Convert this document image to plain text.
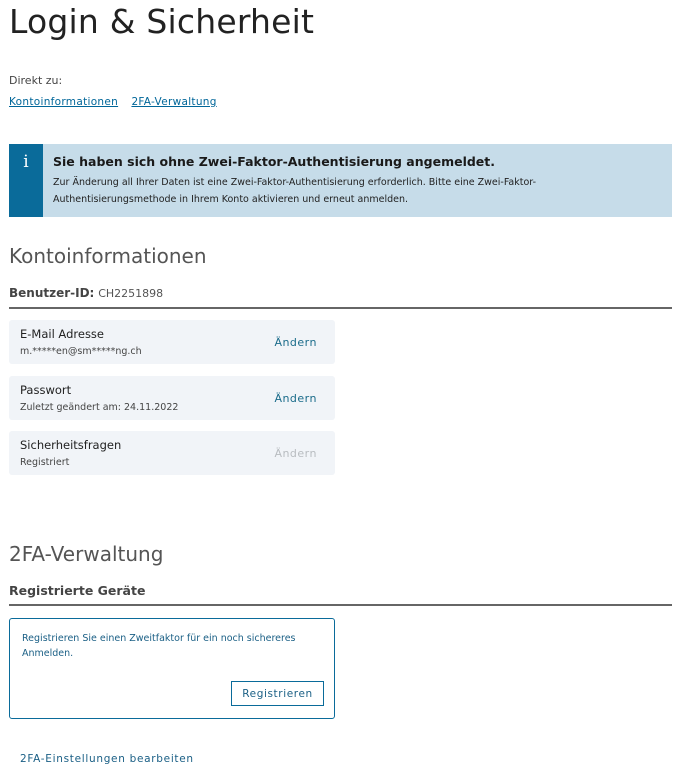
Login & Sicherheit
Direkt zu:
Kontoinformationen 2FA-Verwaltung
i	Sie haben sich ohne Zwei-Faktor-Authentisierung angemeldet.
Zur Änderung all Ihrer Daten ist eine Zwei-Faktor-Authentisierung erforderlich. Bitte eine Zwei-Faktor-Authentisierungsmethode in Ihrem Konto aktivieren und erneut anmelden.
Kontoinformationen
Benutzer-ID: CH2251898
E-Mail Adresse
m.*****en@sm*****ng.ch
Ändern
Passwort
Zuletzt geändert am: 24.11.2022
Ändern
Sicherheitsfragen
Registriert
Ändern
2FA-Verwaltung
Registrierte Geräte
Registrieren Sie einen Zweitfaktor für ein noch sichereres Anmelden.
Registrieren
2FA-Einstellungen bearbeiten
